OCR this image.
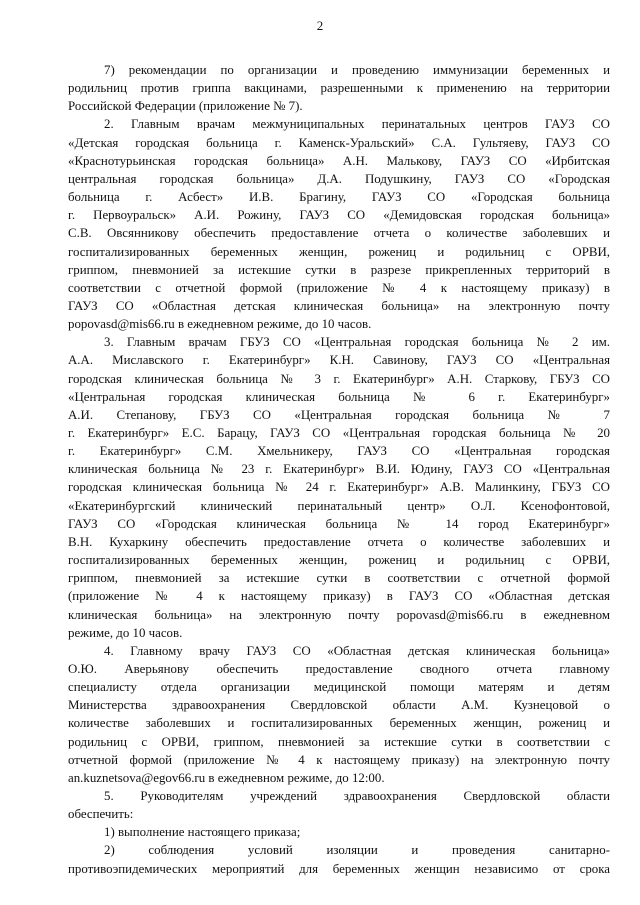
2
7) рекомендации по организации и проведению иммунизации беременных и
родильниц против гриппа вакцинами, разрешенными к применению на территории
Российской Федерации (приложение № 7).
2. Главным врачам межмуниципальных перинатальных центров ГАУЗ СО
«Детская городская больница г. Каменск-Уральский» С.А. Гультяеву, ГАУЗ СО
«Краснотурьинская городская больница» А.Н. Малькову, ГАУЗ СО «Ирбитская
центральная городская больница» Д.А. Подушкину, ГАУЗ СО «Городская
больница г. Асбест» И.В. Брагину, ГАУЗ СО «Городская больница
г. Первоуральск» А.И. Рожину, ГАУЗ СО «Демидовская городская больница»
С.В. Овсянникову обеспечить предоставление отчета о количестве заболевших и
госпитализированных беременных женщин, рожениц и родильниц с ОРВИ,
гриппом, пневмонией за истекшие сутки в разрезе прикрепленных территорий в
соответствии с отчетной формой (приложение № 4 к настоящему приказу) в
ГАУЗ СО «Областная детская клиническая больница» на электронную почту
popovasd@mis66.ru в ежедневном режиме, до 10 часов.
3. Главным врачам ГБУЗ СО «Центральная городская больница № 2 им.
А.А. Миславского г. Екатеринбург» К.Н. Савинову, ГАУЗ СО «Центральная
городская клиническая больница № 3 г. Екатеринбург» А.Н. Старкову, ГБУЗ СО
«Центральная городская клиническая больница № 6 г. Екатеринбург»
А.И. Степанову, ГБУЗ СО «Центральная городская больница № 7
г. Екатеринбург» Е.С. Барацу, ГАУЗ СО «Центральная городская больница № 20
г. Екатеринбург» С.М. Хмельникеру, ГАУЗ СО «Центральная городская
клиническая больница № 23 г. Екатеринбург» В.И. Юдину, ГАУЗ СО «Центральная
городская клиническая больница № 24 г. Екатеринбург» А.В. Малинкину, ГБУЗ СО
«Екатеринбургский клинический перинатальный центр» О.Л. Ксенофонтовой,
ГАУЗ СО «Городская клиническая больница № 14 город Екатеринбург»
В.Н. Кухаркину обеспечить предоставление отчета о количестве заболевших и
госпитализированных беременных женщин, рожениц и родильниц с ОРВИ,
гриппом, пневмонией за истекшие сутки в соответствии с отчетной формой
(приложение № 4 к настоящему приказу) в ГАУЗ СО «Областная детская
клиническая больница» на электронную почту popovasd@mis66.ru в ежедневном
режиме, до 10 часов.
4. Главному врачу ГАУЗ СО «Областная детская клиническая больница»
О.Ю. Аверьянову обеспечить предоставление сводного отчета главному
специалисту отдела организации медицинской помощи матерям и детям
Министерства здравоохранения Свердловской области А.М. Кузнецовой о
количестве заболевших и госпитализированных беременных женщин, рожениц и
родильниц с ОРВИ, гриппом, пневмонией за истекшие сутки в соответствии с
отчетной формой (приложение № 4 к настоящему приказу) на электронную почту
an.kuznetsova@egov66.ru в ежедневном режиме, до 12:00.
5. Руководителям учреждений здравоохранения Свердловской области
обеспечить:
1) выполнение настоящего приказа;
2) соблюдения условий изоляции и проведения санитарно-
противоэпидемических мероприятий для беременных женщин независимо от срока
